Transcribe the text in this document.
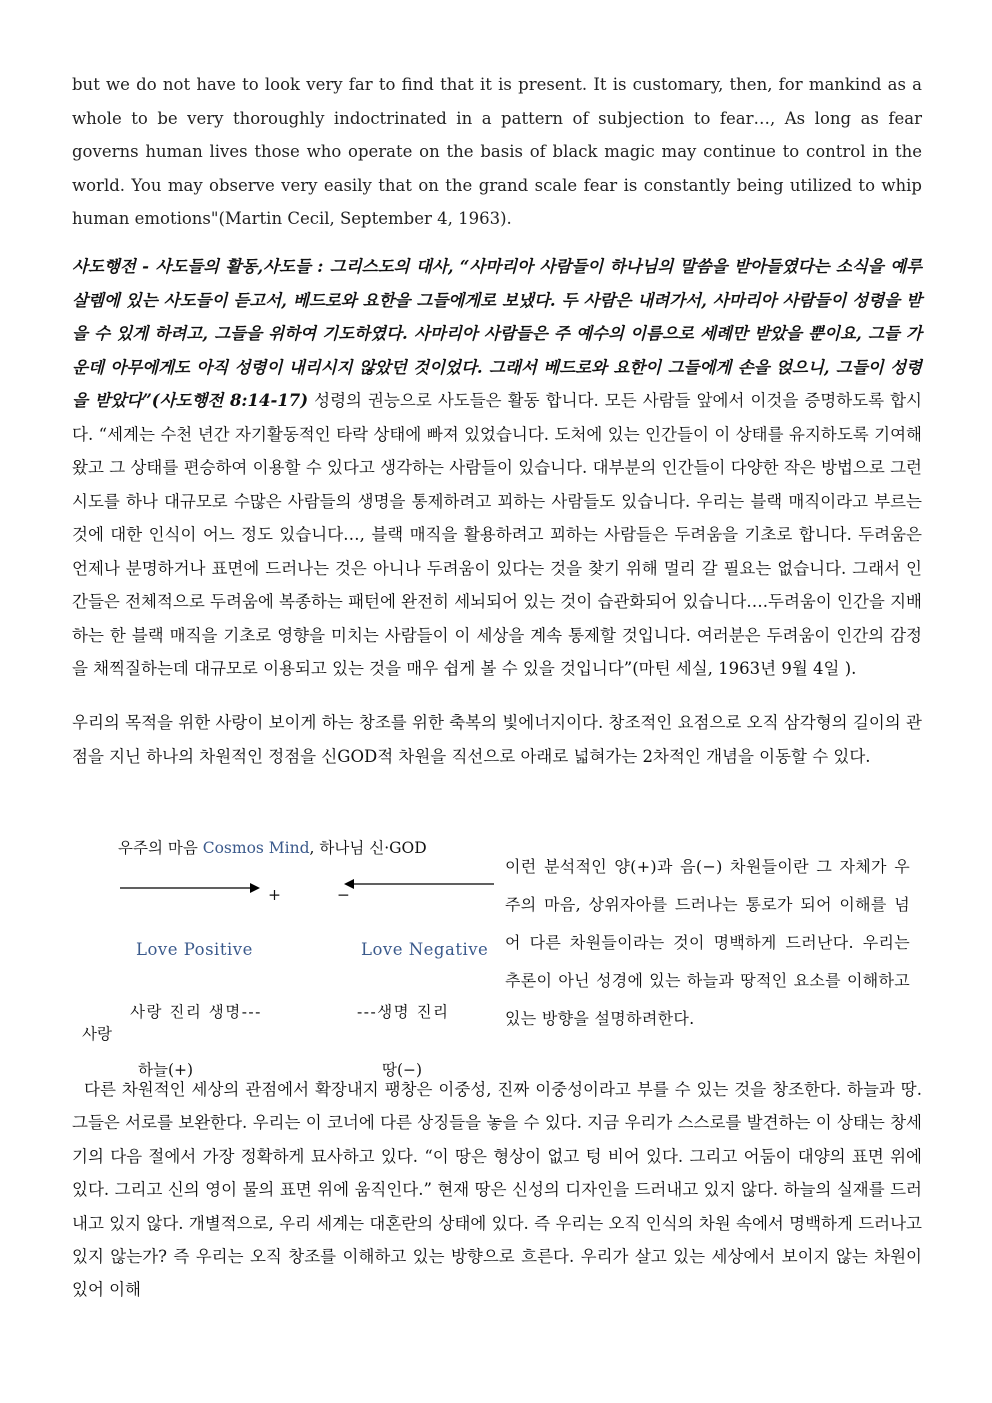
but we do not have to look very far to find that it is present. It is customary, then, for mankind as a whole to be very thoroughly indoctrinated in a pattern of subjection to fear…, As long as fear governs human lives those who operate on the basis of black magic may continue to control in the world. You may observe very easily that on the grand scale fear is constantly being utilized to whip human emotions"(Martin Cecil, September 4, 1963).

사도행전 - 사도들의 활동,사도들 : 그리스도의 대사, “사마리아 사람들이 하나님의 말씀을 받아들였다는 소식을 예루살렘에 있는 사도들이 듣고서, 베드로와 요한을 그들에게로 보냈다. 두 사람은 내려가서, 사마리아 사람들이 성령을 받을 수 있게 하려고, 그들을 위하여 기도하였다. 사마리아 사람들은 주 예수의 이름으로 세례만 받았을 뿐이요, 그들 가운데 아무에게도 아직 성령이 내리시지 않았던 것이었다. 그래서 베드로와 요한이 그들에게 손을 얹으니, 그들이 성령을 받았다”(사도행전 8:14-17) 성령의 권능으로 사도들은 활동 합니다. 모든 사람들 앞에서 이것을 증명하도록 합시다. “세계는 수천 년간 자기활동적인 타락 상태에 빠져 있었습니다. 도처에 있는 인간들이 이 상태를 유지하도록 기여해 왔고 그 상태를 편승하여 이용할 수 있다고 생각하는 사람들이 있습니다. 대부분의 인간들이 다양한 작은 방법으로 그런 시도를 하나 대규모로 수많은 사람들의 생명을 통제하려고 꾀하는 사람들도 있습니다. 우리는 블랙 매직이라고 부르는 것에 대한 인식이 어느 정도 있습니다…, 블랙 매직을 활용하려고 꾀하는 사람들은 두려움을 기초로 합니다. 두려움은 언제나 분명하거나 표면에 드러나는 것은 아니나 두려움이 있다는 것을 찾기 위해 멀리 갈 필요는 없습니다. 그래서 인간들은 전체적으로 두려움에 복종하는 패턴에 완전히 세뇌되어 있는 것이 습관화되어 있습니다….두려움이 인간을 지배하는 한 블랙 매직을 기초로 영향을 미치는 사람들이 이 세상을 계속 통제할 것입니다. 여러분은 두려움이 인간의 감정을 채찍질하는데 대규모로 이용되고 있는 것을 매우 쉽게 볼 수 있을 것입니다”(마틴 세실, 1963년 9월 4일 ).

우리의 목적을 위한 사랑이 보이게 하는 창조를 위한 축복의 빛에너지이다. 창조적인 요점으로 오직 삼각형의 길이의 관점을 지닌 하나의 차원적인 정점을 신GOD적 차원을 직선으로 아래로 넓혀가는 2차적인 개념을 이동할 수 있다.

우주의 마음 Cosmos Mind, 하나님 신·GOD
+	−
Love Positive	Love Negative
사랑 진리 생명---
사랑
---생명 진리
하늘(+)	땅(−)

이런 분석적인 양(+)과 음(−) 차원들이란 그 자체가 우주의 마음, 상위자아를 드러나는 통로가 되어 이해를 넘어 다른 차원들이라는 것이 명백하게 드러난다. 우리는 추론이 아닌 성경에 있는 하늘과 땅적인 요소를 이해하고 있는 방향을 설명하려한다.

다른 차원적인 세상의 관점에서 확장내지 팽창은 이중성, 진짜 이중성이라고 부를 수 있는 것을 창조한다. 하늘과 땅. 그들은 서로를 보완한다. 우리는 이 코너에 다른 상징들을 놓을 수 있다. 지금 우리가 스스로를 발견하는 이 상태는 창세기의 다음 절에서 가장 정확하게 묘사하고 있다. “이 땅은 형상이 없고 텅 비어 있다. 그리고 어둠이 대양의 표면 위에 있다. 그리고 신의 영이 물의 표면 위에 움직인다.” 현재 땅은 신성의 디자인을 드러내고 있지 않다. 하늘의 실재를 드러내고 있지 않다. 개별적으로, 우리 세계는 대혼란의 상태에 있다. 즉 우리는 오직 인식의 차원 속에서 명백하게 드러나고 있지 않는가? 즉 우리는 오직 창조를 이해하고 있는 방향으로 흐른다. 우리가 살고 있는 세상에서 보이지 않는 차원이 있어 이해
